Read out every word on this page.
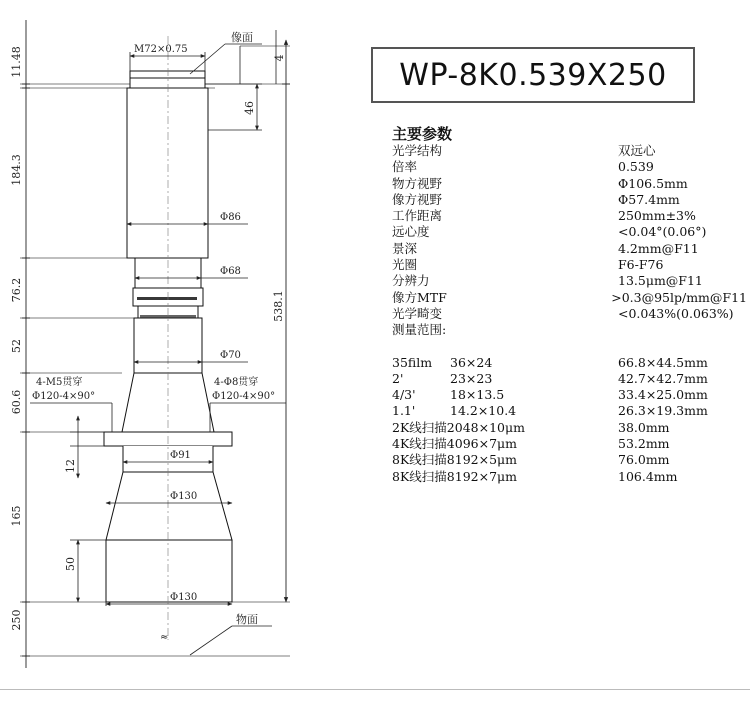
像面
物面
M72×0.75
Φ86
Φ68
Φ70
Φ91
Φ130
Φ130
4-M5贯穿
Φ120-4×90°
4-Φ8贯穿
Φ120-4×90°
≈
11.48
184.3
76.2
52
60.6
165
250
4
46
538.1
12
50
WP-8K0.539X250
主要参数
光学结构	双远心
倍率	0.539
物方视野	Φ106.5mm
像方视野	Φ57.4mm
工作距离	250mm±3%
远心度	<0.04°(0.06°)
景深	4.2mm@F11
光圈	F6-F76
分辨力	13.5μm@F11
像方MTF	>0.3@95lp/mm@F11
光学畸变	<0.043%(0.063%)
测量范围:
35film	36×24	66.8×44.5mm
2'	23×23	42.7×42.7mm
4/3'	18×13.5	33.4×25.0mm
1.1'	14.2×10.4	26.3×19.3mm
2K线扫描2048×10μm	38.0mm
4K线扫描4096×7μm	53.2mm
8K线扫描8192×5μm	76.0mm
8K线扫描8192×7μm	106.4mm
